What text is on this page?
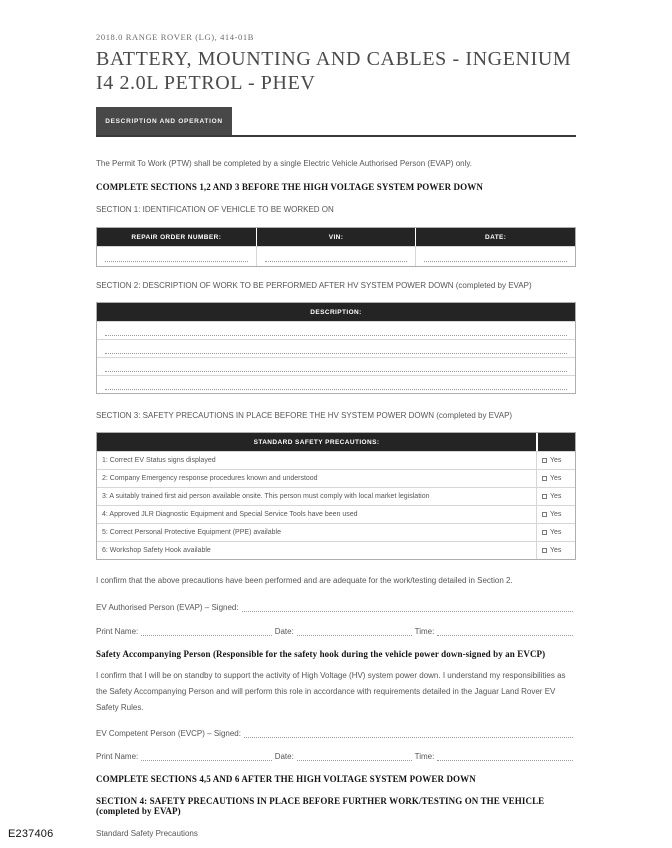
2018.0 RANGE ROVER (LG), 414-01B
BATTERY, MOUNTING AND CABLES - INGENIUM I4 2.0L PETROL - PHEV
DESCRIPTION AND OPERATION
The Permit To Work (PTW) shall be completed by a single Electric Vehicle Authorised Person (EVAP) only.
COMPLETE SECTIONS 1,2 AND 3 BEFORE THE HIGH VOLTAGE SYSTEM POWER DOWN
SECTION 1: IDENTIFICATION OF VEHICLE TO BE WORKED ON
REPAIR ORDER NUMBER:	VIN:	DATE:
SECTION 2: DESCRIPTION OF WORK TO BE PERFORMED AFTER HV SYSTEM POWER DOWN (completed by EVAP)
DESCRIPTION:
SECTION 3: SAFETY PRECAUTIONS IN PLACE BEFORE THE HV SYSTEM POWER DOWN (completed by EVAP)
STANDARD SAFETY PRECAUTIONS:
1: Correct EV Status signs displayed	Yes
2: Company Emergency response procedures known and understood	Yes
3: A suitably trained first aid person available onsite. This person must comply with local market legislation	Yes
4: Approved JLR Diagnostic Equipment and Special Service Tools have been used	Yes
5: Correct Personal Protective Equipment (PPE) available	Yes
6: Workshop Safety Hook available	Yes
I confirm that the above precautions have been performed and are adequate for the work/testing detailed in Section 2.
EV Authorised Person (EVAP) – Signed:
Print Name:	Date:	Time:
Safety Accompanying Person (Responsible for the safety hook during the vehicle power down-signed by an EVCP)
I confirm that I will be on standby to support the activity of High Voltage (HV) system power down. I understand my responsibilities as the Safety Accompanying Person and will perform this role in accordance with requirements detailed in the Jaguar Land Rover EV Safety Rules.
EV Competent Person (EVCP) – Signed:
Print Name:	Date:	Time:
COMPLETE SECTIONS 4,5 AND 6 AFTER THE HIGH VOLTAGE SYSTEM POWER DOWN
SECTION 4: SAFETY PRECAUTIONS IN PLACE BEFORE FURTHER WORK/TESTING ON THE VEHICLE (completed by EVAP)
Standard Safety Precautions
E237406
